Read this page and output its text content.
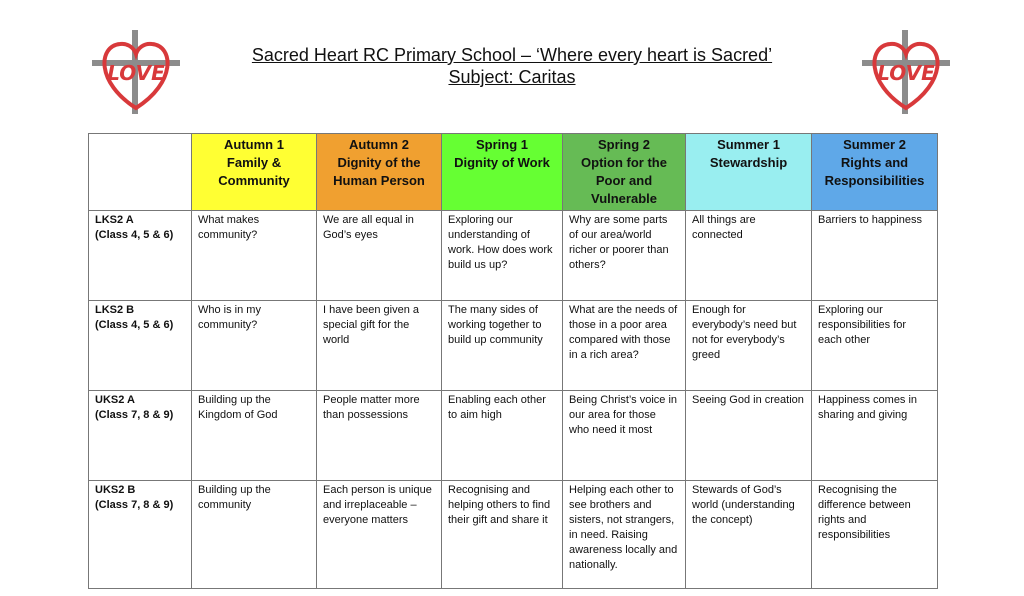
LOVE	LOVE
Sacred Heart RC Primary School – ‘Where every heart is Sacred’
Subject: Caritas

	Autumn 1
Family &
Community	Autumn 2
Dignity of the
Human Person	Spring 1
Dignity of Work	Spring 2
Option for the
Poor and
Vulnerable	Summer 1
Stewardship	Summer 2
Rights and
Responsibilities

LKS2 A
(Class 4, 5 & 6)	What makes community?	We are all equal in God’s eyes	Exploring our understanding of work. How does work build us up?	Why are some parts of our area/world richer or poorer than others?	All things are connected	Barriers to happiness

LKS2 B
(Class 4, 5 & 6)	Who is in my community?	I have been given a special gift for the world	The many sides of working together to build up community	What are the needs of those in a poor area compared with those in a rich area?	Enough for everybody’s need but not for everybody’s greed	Exploring our responsibilities for each other

UKS2 A
(Class 7, 8 & 9)	Building up the Kingdom of God	People matter more than possessions	Enabling each other to aim high	Being Christ’s voice in our area for those who need it most	Seeing God in creation	Happiness comes in sharing and giving

UKS2 B
(Class 7, 8 & 9)	Building up the community	Each person is unique and irreplaceable – everyone matters	Recognising and helping others to find their gift and share it	Helping each other to see brothers and sisters, not strangers, in need. Raising awareness locally and nationally.	Stewards of God’s world (understanding the concept)	Recognising the difference between rights and responsibilities
